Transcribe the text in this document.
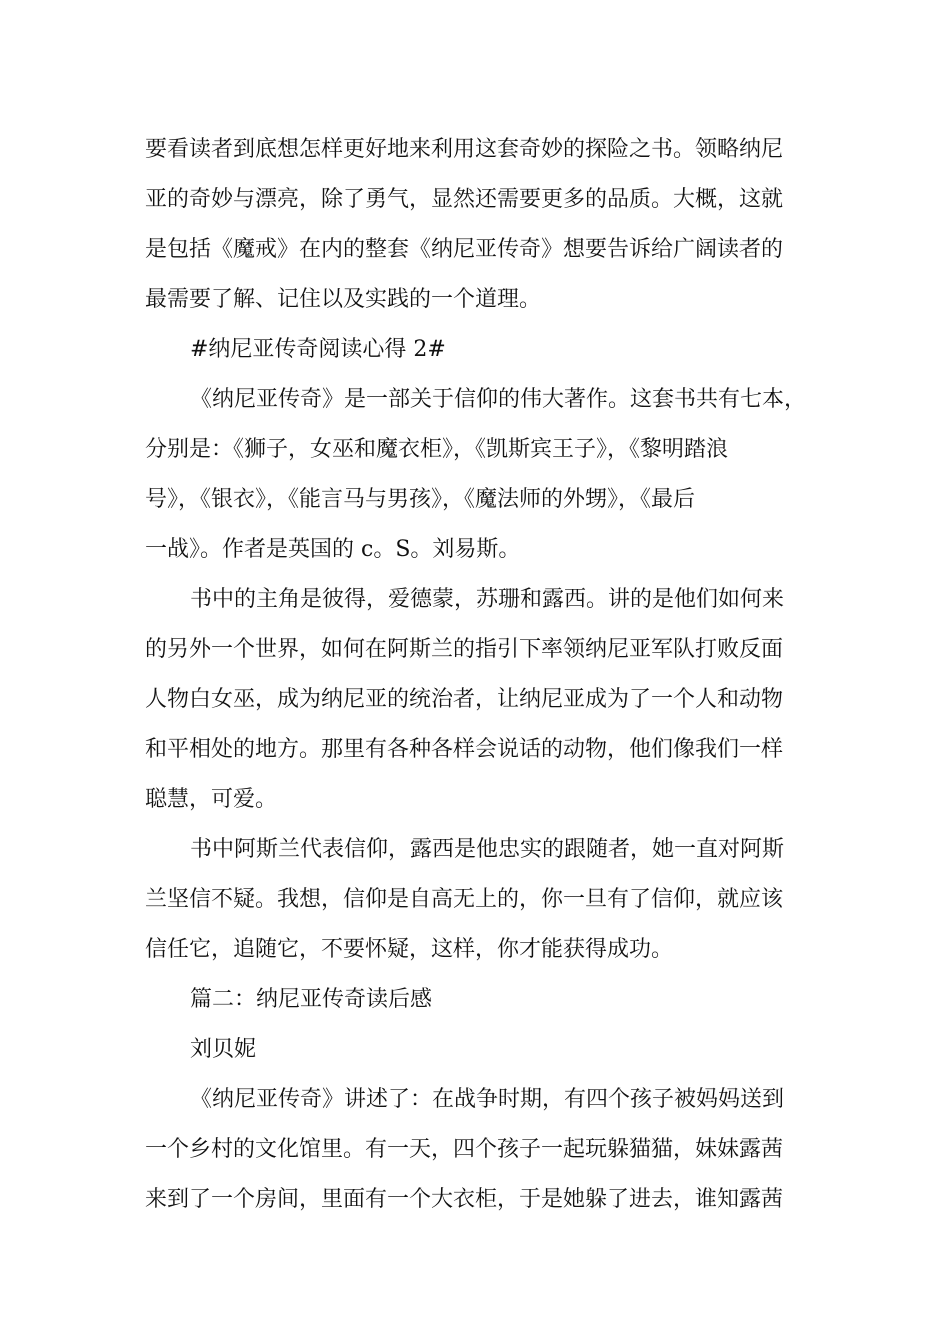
要看读者到底想怎样更好地来利用这套奇妙的探险之书。领略纳尼
亚的奇妙与漂亮，除了勇气，显然还需要更多的品质。大概，这就
是包括《魔戒》在内的整套《纳尼亚传奇》想要告诉给广阔读者的
最需要了解、记住以及实践的一个道理。
#纳尼亚传奇阅读心得 2#
《纳尼亚传奇》是一部关于信仰的伟大著作。这套书共有七本，
分别是：《狮子，女巫和魔衣柜》，《凯斯宾王子》，《黎明踏浪
号》，《银衣》，《能言马与男孩》，《魔法师的外甥》，《最后
一战》。作者是英国的 c。S。刘易斯。
书中的主角是彼得，爱德蒙，苏珊和露西。讲的是他们如何来
的另外一个世界，如何在阿斯兰的指引下率领纳尼亚军队打败反面
人物白女巫，成为纳尼亚的统治者，让纳尼亚成为了一个人和动物
和平相处的地方。那里有各种各样会说话的动物，他们像我们一样
聪慧，可爱。
书中阿斯兰代表信仰，露西是他忠实的跟随者，她一直对阿斯
兰坚信不疑。我想，信仰是自高无上的，你一旦有了信仰，就应该
信任它，追随它，不要怀疑，这样，你才能获得成功。
篇二：纳尼亚传奇读后感
刘贝妮
《纳尼亚传奇》讲述了：在战争时期，有四个孩子被妈妈送到
一个乡村的文化馆里。有一天，四个孩子一起玩躲猫猫，妹妹露茜
来到了一个房间，里面有一个大衣柜，于是她躲了进去，谁知露茜
